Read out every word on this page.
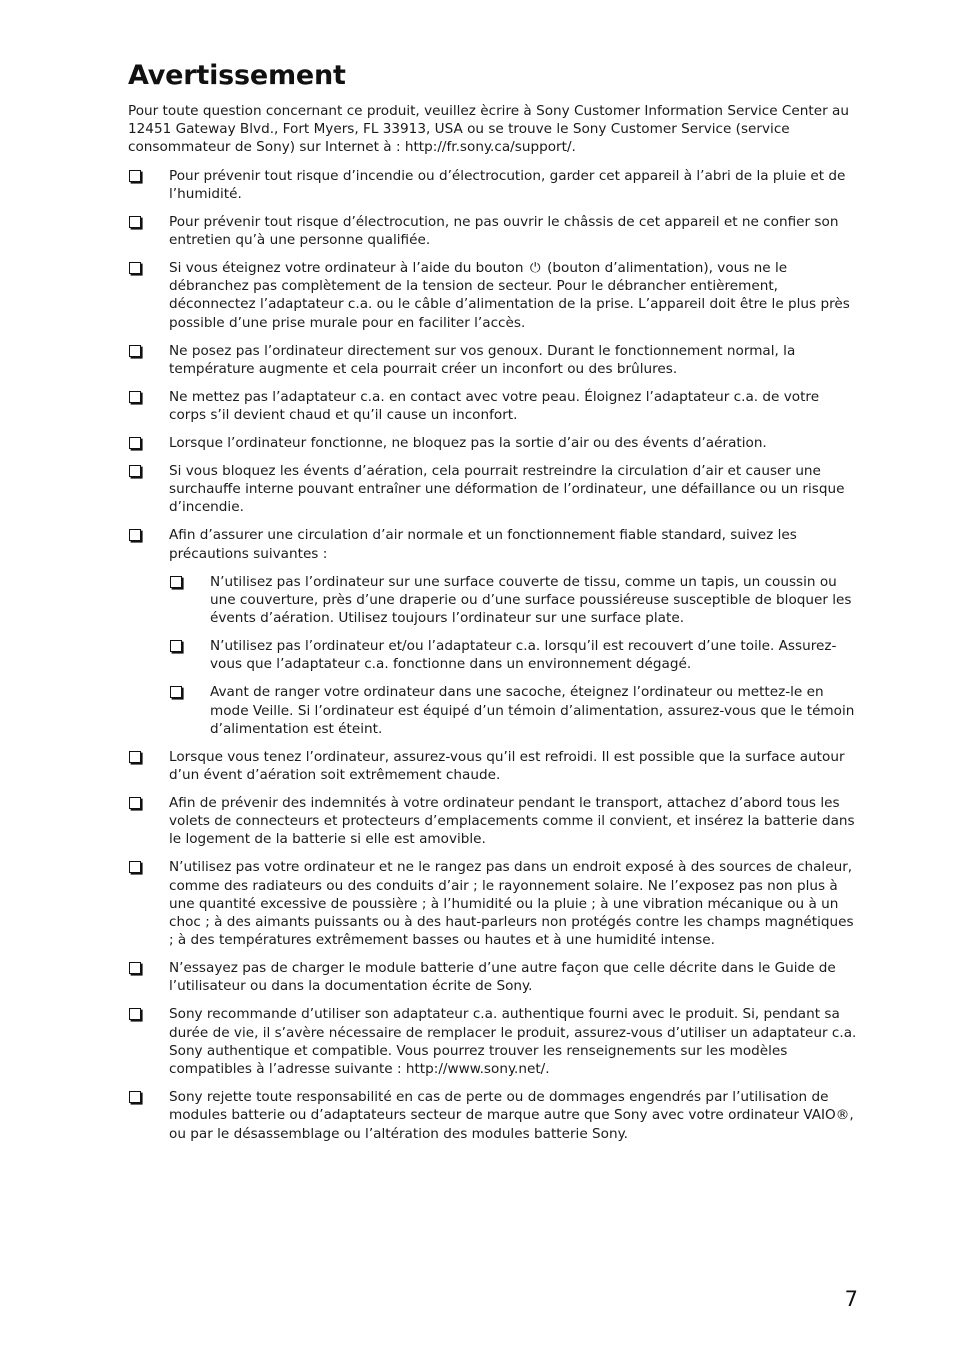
Avertissement

Pour toute question concernant ce produit, veuillez ècrire à Sony Customer Information Service Center au 12451 Gateway Blvd., Fort Myers, FL 33913, USA ou se trouve le Sony Customer Service (service consommateur de Sony) sur Internet à : http://fr.sony.ca/support/.

Pour prévenir tout risque d’incendie ou d’électrocution, garder cet appareil à l’abri de la pluie et de l’humidité.
Pour prévenir tout risque d’électrocution, ne pas ouvrir le châssis de cet appareil et ne confier son entretien qu’à une personne qualifiée.
Si vous éteignez votre ordinateur à l’aide du bouton ⏻ (bouton d’alimentation), vous ne le débranchez pas complètement de la tension de secteur. Pour le débrancher entièrement, déconnectez l’adaptateur c.a. ou le câble d’alimentation de la prise. L’appareil doit être le plus près possible d’une prise murale pour en faciliter l’accès.
Ne posez pas l’ordinateur directement sur vos genoux. Durant le fonctionnement normal, la température augmente et cela pourrait créer un inconfort ou des brûlures.
Ne mettez pas l’adaptateur c.a. en contact avec votre peau. Éloignez l’adaptateur c.a. de votre corps s’il devient chaud et qu’il cause un inconfort.
Lorsque l’ordinateur fonctionne, ne bloquez pas la sortie d’air ou des évents d’aération.
Si vous bloquez les évents d’aération, cela pourrait restreindre la circulation d’air et causer une surchauffe interne pouvant entraîner une déformation de l’ordinateur, une défaillance ou un risque d’incendie.
Afin d’assurer une circulation d’air normale et un fonctionnement fiable standard, suivez les précautions suivantes :
N’utilisez pas l’ordinateur sur une surface couverte de tissu, comme un tapis, un coussin ou une couverture, près d’une draperie ou d’une surface poussiéreuse susceptible de bloquer les évents d’aération. Utilisez toujours l’ordinateur sur une surface plate.
N’utilisez pas l’ordinateur et/ou l’adaptateur c.a. lorsqu’il est recouvert d’une toile. Assurez-vous que l’adaptateur c.a. fonctionne dans un environnement dégagé.
Avant de ranger votre ordinateur dans une sacoche, éteignez l’ordinateur ou mettez-le en mode Veille. Si l’ordinateur est équipé d’un témoin d’alimentation, assurez-vous que le témoin d’alimentation est éteint.
Lorsque vous tenez l’ordinateur, assurez-vous qu’il est refroidi. Il est possible que la surface autour d’un évent d’aération soit extrêmement chaude.
Afin de prévenir des indemnités à votre ordinateur pendant le transport, attachez d’abord tous les volets de connecteurs et protecteurs d’emplacements comme il convient, et insérez la batterie dans le logement de la batterie si elle est amovible.
N’utilisez pas votre ordinateur et ne le rangez pas dans un endroit exposé à des sources de chaleur, comme des radiateurs ou des conduits d’air ; le rayonnement solaire. Ne l’exposez pas non plus à une quantité excessive de poussière ; à l’humidité ou la pluie ; à une vibration mécanique ou à un choc ; à des aimants puissants ou à des haut-parleurs non protégés contre les champs magnétiques ; à des températures extrêmement basses ou hautes et à une humidité intense.
N’essayez pas de charger le module batterie d’une autre façon que celle décrite dans le Guide de l’utilisateur ou dans la documentation écrite de Sony.
Sony recommande d’utiliser son adaptateur c.a. authentique fourni avec le produit. Si, pendant sa durée de vie, il s’avère nécessaire de remplacer le produit, assurez-vous d’utiliser un adaptateur c.a. Sony authentique et compatible. Vous pourrez trouver les renseignements sur les modèles compatibles à l’adresse suivante : http://www.sony.net/.
Sony rejette toute responsabilité en cas de perte ou de dommages engendrés par l’utilisation de modules batterie ou d’adaptateurs secteur de marque autre que Sony avec votre ordinateur VAIO®, ou par le désassemblage ou l’altération des modules batterie Sony.
7
